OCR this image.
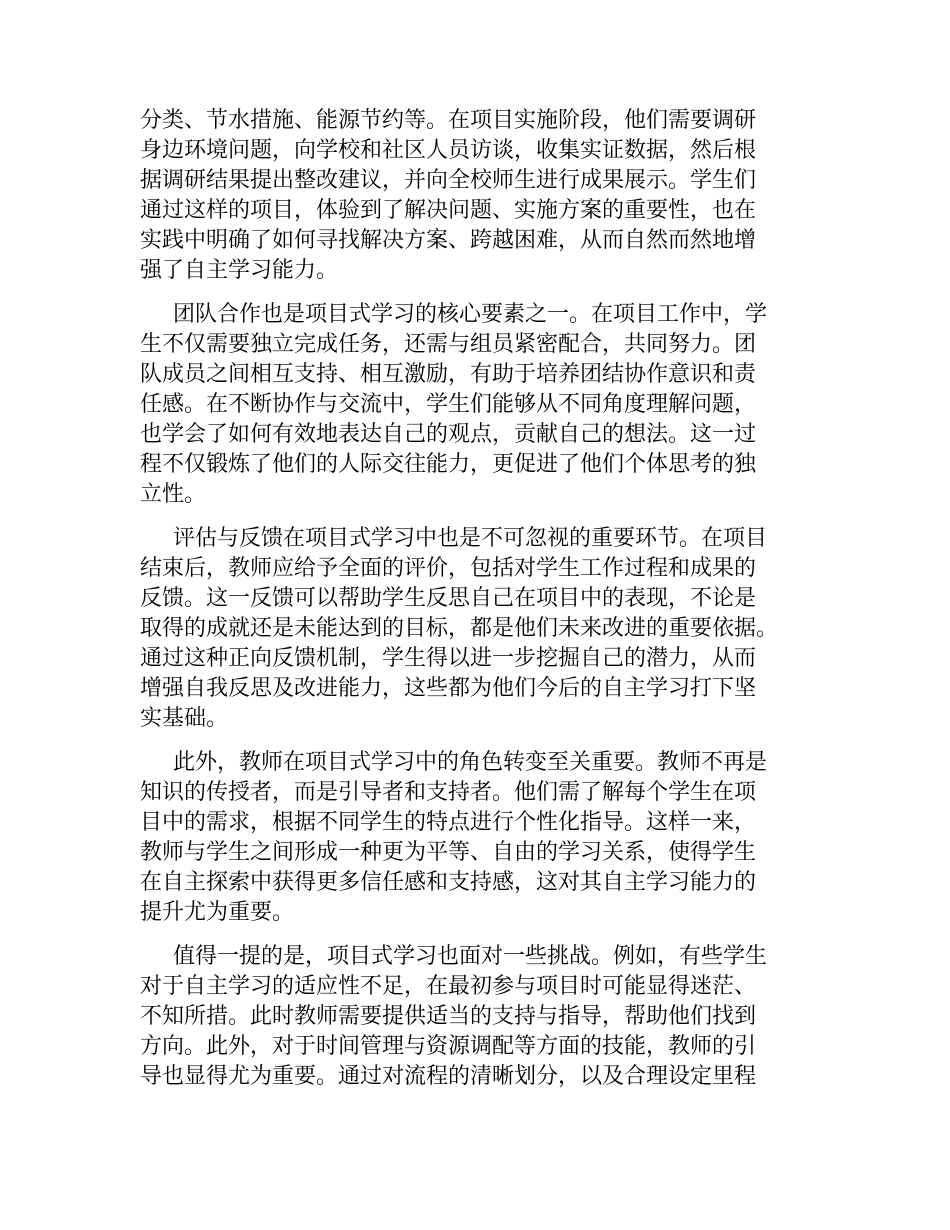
分类、节水措施、能源节约等。在项目实施阶段，他们需要调研
身边环境问题，向学校和社区人员访谈，收集实证数据，然后根
据调研结果提出整改建议，并向全校师生进行成果展示。学生们
通过这样的项目，体验到了解决问题、实施方案的重要性，也在
实践中明确了如何寻找解决方案、跨越困难，从而自然而然地增
强了自主学习能力。
团队合作也是项目式学习的核心要素之一。在项目工作中，学
生不仅需要独立完成任务，还需与组员紧密配合，共同努力。团
队成员之间相互支持、相互激励，有助于培养团结协作意识和责
任感。在不断协作与交流中，学生们能够从不同角度理解问题，
也学会了如何有效地表达自己的观点，贡献自己的想法。这一过
程不仅锻炼了他们的人际交往能力，更促进了他们个体思考的独
立性。
评估与反馈在项目式学习中也是不可忽视的重要环节。在项目
结束后，教师应给予全面的评价，包括对学生工作过程和成果的
反馈。这一反馈可以帮助学生反思自己在项目中的表现，不论是
取得的成就还是未能达到的目标，都是他们未来改进的重要依据。
通过这种正向反馈机制，学生得以进一步挖掘自己的潜力，从而
增强自我反思及改进能力，这些都为他们今后的自主学习打下坚
实基础。
此外，教师在项目式学习中的角色转变至关重要。教师不再是
知识的传授者，而是引导者和支持者。他们需了解每个学生在项
目中的需求，根据不同学生的特点进行个性化指导。这样一来，
教师与学生之间形成一种更为平等、自由的学习关系，使得学生
在自主探索中获得更多信任感和支持感，这对其自主学习能力的
提升尤为重要。
值得一提的是，项目式学习也面对一些挑战。例如，有些学生
对于自主学习的适应性不足，在最初参与项目时可能显得迷茫、
不知所措。此时教师需要提供适当的支持与指导，帮助他们找到
方向。此外，对于时间管理与资源调配等方面的技能，教师的引
导也显得尤为重要。通过对流程的清晰划分，以及合理设定里程
